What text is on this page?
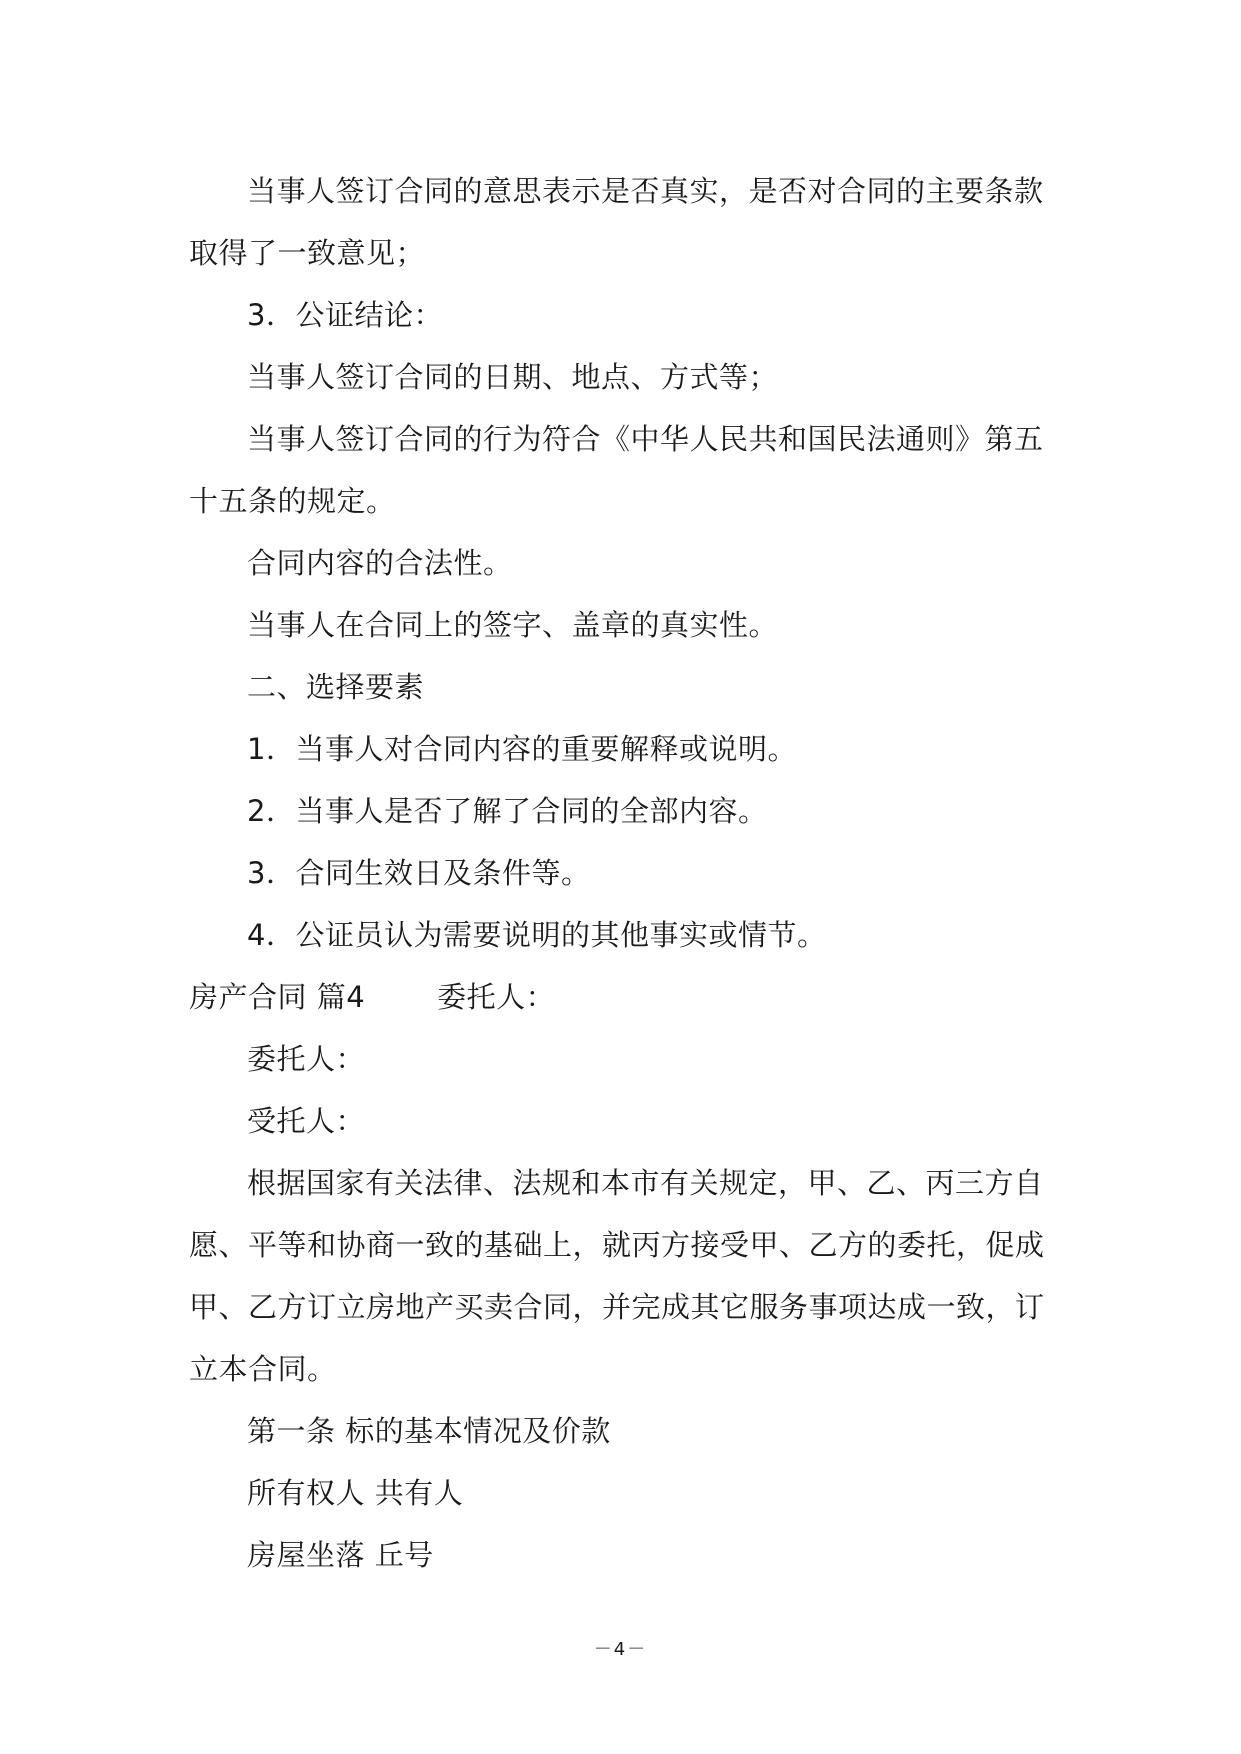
当事人签订合同的意思表示是否真实，是否对合同的主要条款取得了一致意见；

3．公证结论：

当事人签订合同的日期、地点、方式等；

当事人签订合同的行为符合《中华人民共和国民法通则》第五十五条的规定。

合同内容的合法性。

当事人在合同上的签字、盖章的真实性。

二、选择要素

1．当事人对合同内容的重要解释或说明。

2．当事人是否了解了合同的全部内容。

3．合同生效日及条件等。

4．公证员认为需要说明的其他事实或情节。

房产合同 篇4 委托人：

委托人：

受托人：

根据国家有关法律、法规和本市有关规定，甲、乙、丙三方自愿、平等和协商一致的基础上，就丙方接受甲、乙方的委托，促成甲、乙方订立房地产买卖合同，并完成其它服务事项达成一致，订立本合同。

第一条 标的基本情况及价款

所有权人 共有人

房屋坐落 丘号

－4－
